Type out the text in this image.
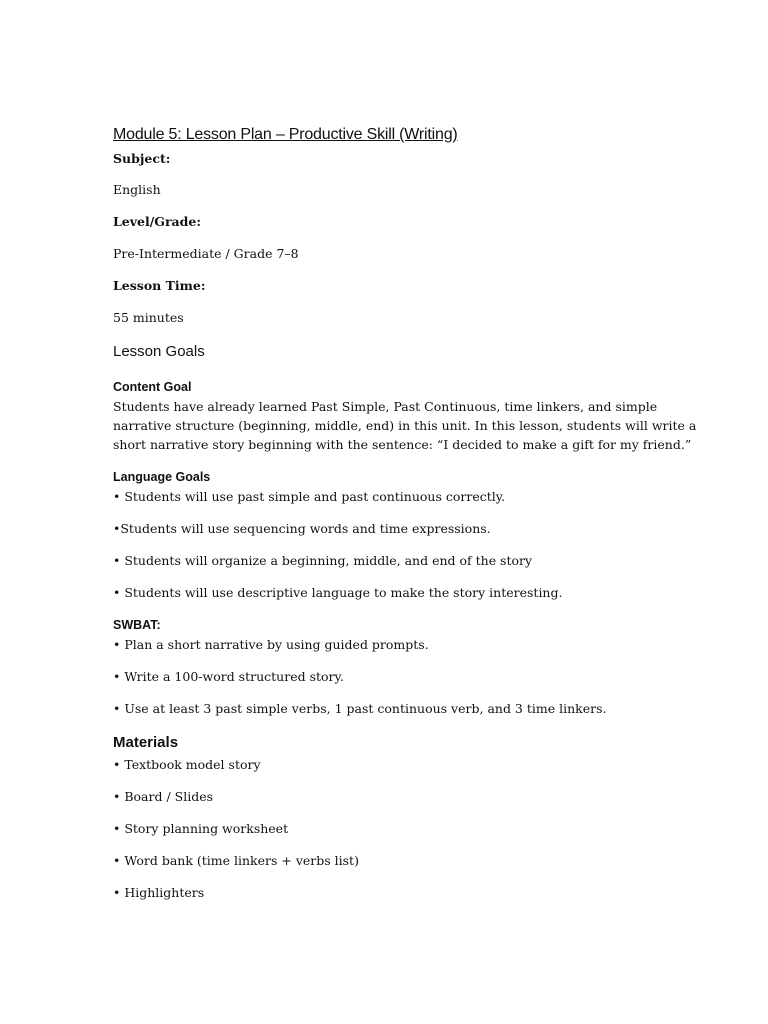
Module 5: Lesson Plan – Productive Skill (Writing)

Subject:

English

Level/Grade:

Pre-Intermediate / Grade 7–8

Lesson Time:

55 minutes

Lesson Goals
Content Goal

Students have already learned Past Simple, Past Continuous, time linkers, and simple

narrative structure (beginning, middle, end) in this unit. In this lesson, students will write a

short narrative story beginning with the sentence: “I decided to make a gift for my friend.”

Language Goals

• Students will use past simple and past continuous correctly.

•Students will use sequencing words and time expressions.

• Students will organize a beginning, middle, and end of the story

• Students will use descriptive language to make the story interesting.

SWBAT:

• Plan a short narrative by using guided prompts.

• Write a 100-word structured story.

• Use at least 3 past simple verbs, 1 past continuous verb, and 3 time linkers.

Materials

• Textbook model story

• Board / Slides

• Story planning worksheet

• Word bank (time linkers + verbs list)

• Highlighters
